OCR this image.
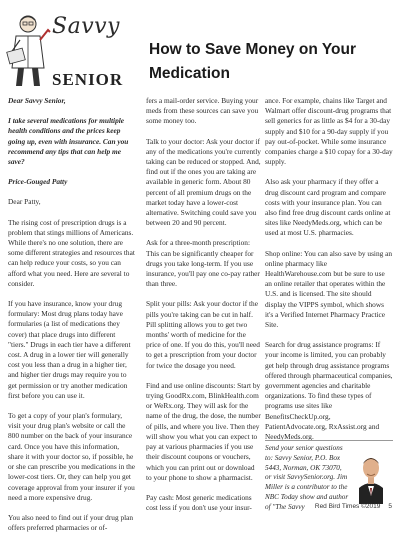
Savvy
SENIOR
How to Save Money on Your Medication

Dear Savvy Senior,

I take several medications for multiple health conditions and the prices keep going up, even with insurance. Can you recommend any tips that can help me save?

Price-Gouged Patty

Dear Patty,

The rising cost of prescription drugs is a problem that stings millions of Americans. While there's no one solution, there are some different strategies and resources that can help reduce your costs, so you can afford what you need. Here are several to consider.

If you have insurance, know your drug formulary: Most drug plans today have formularies (a list of medications they cover) that place drugs into different "tiers." Drugs in each tier have a different cost. A drug in a lower tier will generally cost you less than a drug in a higher tier, and higher tier drugs may require you to get permission or try another medication first before you can use it.

To get a copy of your plan's formulary, visit your drug plan's website or call the 800 number on the back of your insurance card. Once you have this information, share it with your doctor so, if possible, he or she can prescribe you medications in the lower-cost tiers. Or, they can help you get coverage approval from your insurer if you need a more expensive drug.

You also need to find out if your drug plan offers preferred pharmacies or of-

fers a mail-order service. Buying your meds from these sources can save you some money too.

Talk to your doctor: Ask your doctor if any of the medications you're currently taking can be reduced or stopped. And, find out if the ones you are taking are available in generic form. About 80 percent of all premium drugs on the market today have a lower-cost alternative. Switching could save you between 20 and 90 percent.

Ask for a three-month prescription: This can be significantly cheaper for drugs you take long-term. If you use insurance, you'll pay one co-pay rather than three.

Split your pills: Ask your doctor if the pills you're taking can be cut in half. Pill splitting allows you to get two months' worth of medicine for the price of one. If you do this, you'll need to get a prescription from your doctor for twice the dosage you need.

Find and use online discounts: Start by trying GoodRx.com, BlinkHealth.com or WeRx.org. They will ask for the name of the drug, the dose, the number of pills, and where you live. Then they will show you what you can expect to pay at various pharmacies if you use their discount coupons or vouchers, which you can print out or download to your phone to show a pharmacist.

Pay cash: Most generic medications cost less if you don't use your insur-

ance. For example, chains like Target and Walmart offer discount-drug programs that sell generics for as little as $4 for a 30-day supply and $10 for a 90-day supply if you pay out-of-pocket. While some insurance companies charge a $10 copay for a 30-day supply.

Also ask your pharmacy if they offer a drug discount card program and compare costs with your insurance plan. You can also find free drug discount cards online at sites like NeedyMeds.org, which can be used at most U.S. pharmacies.

Shop online: You can also save by using an online pharmacy like HealthWarehouse.com but be sure to use an online retailer that operates within the U.S. and is licensed. The site should display the VIPPS symbol, which shows it's a Verified Internet Pharmacy Practice Site.

Search for drug assistance programs: If your income is limited, you can probably get help through drug assistance programs offered through pharmaceutical companies, government agencies and charitable organizations. To find these types of programs use sites like BenefitsCheckUp.org, PatientAdvocate.org, RxAssist.org and NeedyMeds.org.

Send your senior questions to: Savvy Senior, P.O. Box 5443, Norman, OK 73070, or visit SavvySenior.org. Jim Miller is a contributor to the NBC Today show and author of "The Savvy	Red Bird Times ©2019 5
